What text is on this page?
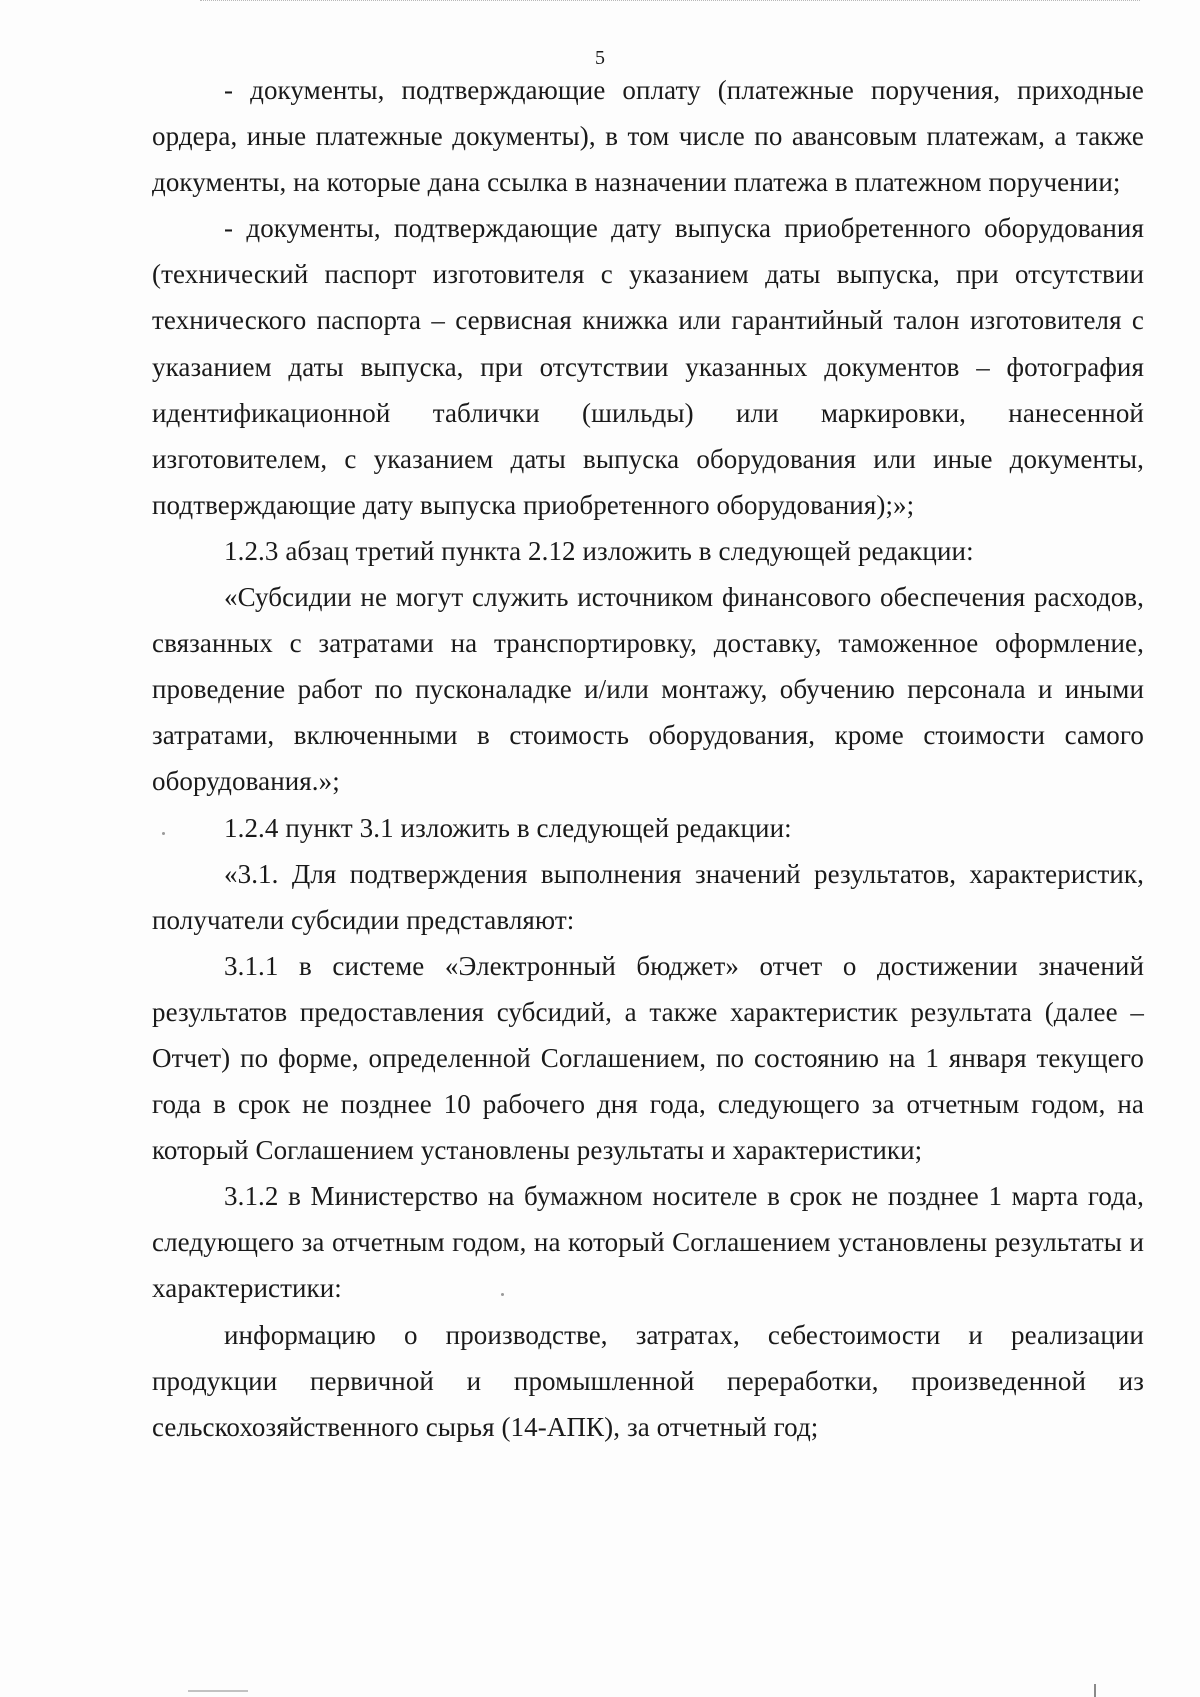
5

- документы, подтверждающие оплату (платежные поручения, приходные ордера, иные платежные документы), в том числе по авансовым платежам, а также документы, на которые дана ссылка в назначении платежа в платежном поручении;

- документы, подтверждающие дату выпуска приобретенного оборудования (технический паспорт изготовителя с указанием даты выпуска, при отсутствии технического паспорта – сервисная книжка или гарантийный талон изготовителя с указанием даты выпуска, при отсутствии указанных документов – фотография идентификационной таблички (шильды) или маркировки, нанесенной изготовителем, с указанием даты выпуска оборудования или иные документы, подтверждающие дату выпуска приобретенного оборудования);»;

1.2.3 абзац третий пункта 2.12 изложить в следующей редакции:

«Субсидии не могут служить источником финансового обеспечения расходов, связанных с затратами на транспортировку, доставку, таможенное оформление, проведение работ по пусконаладке и/или монтажу, обучению персонала и иными затратами, включенными в стоимость оборудования, кроме стоимости самого оборудования.»;

1.2.4 пункт 3.1 изложить в следующей редакции:

«3.1. Для подтверждения выполнения значений результатов, характеристик, получатели субсидии представляют:

3.1.1 в системе «Электронный бюджет» отчет о достижении значений результатов предоставления субсидий, а также характеристик результата (далее – Отчет) по форме, определенной Соглашением, по состоянию на 1 января текущего года в срок не позднее 10 рабочего дня года, следующего за отчетным годом, на который Соглашением установлены результаты и характеристики;

3.1.2 в Министерство на бумажном носителе в срок не позднее 1 марта года, следующего за отчетным годом, на который Соглашением установлены результаты и характеристики:

информацию о производстве, затратах, себестоимости и реализации продукции первичной и промышленной переработки, произведенной из сельскохозяйственного сырья (14-АПК), за отчетный год;
